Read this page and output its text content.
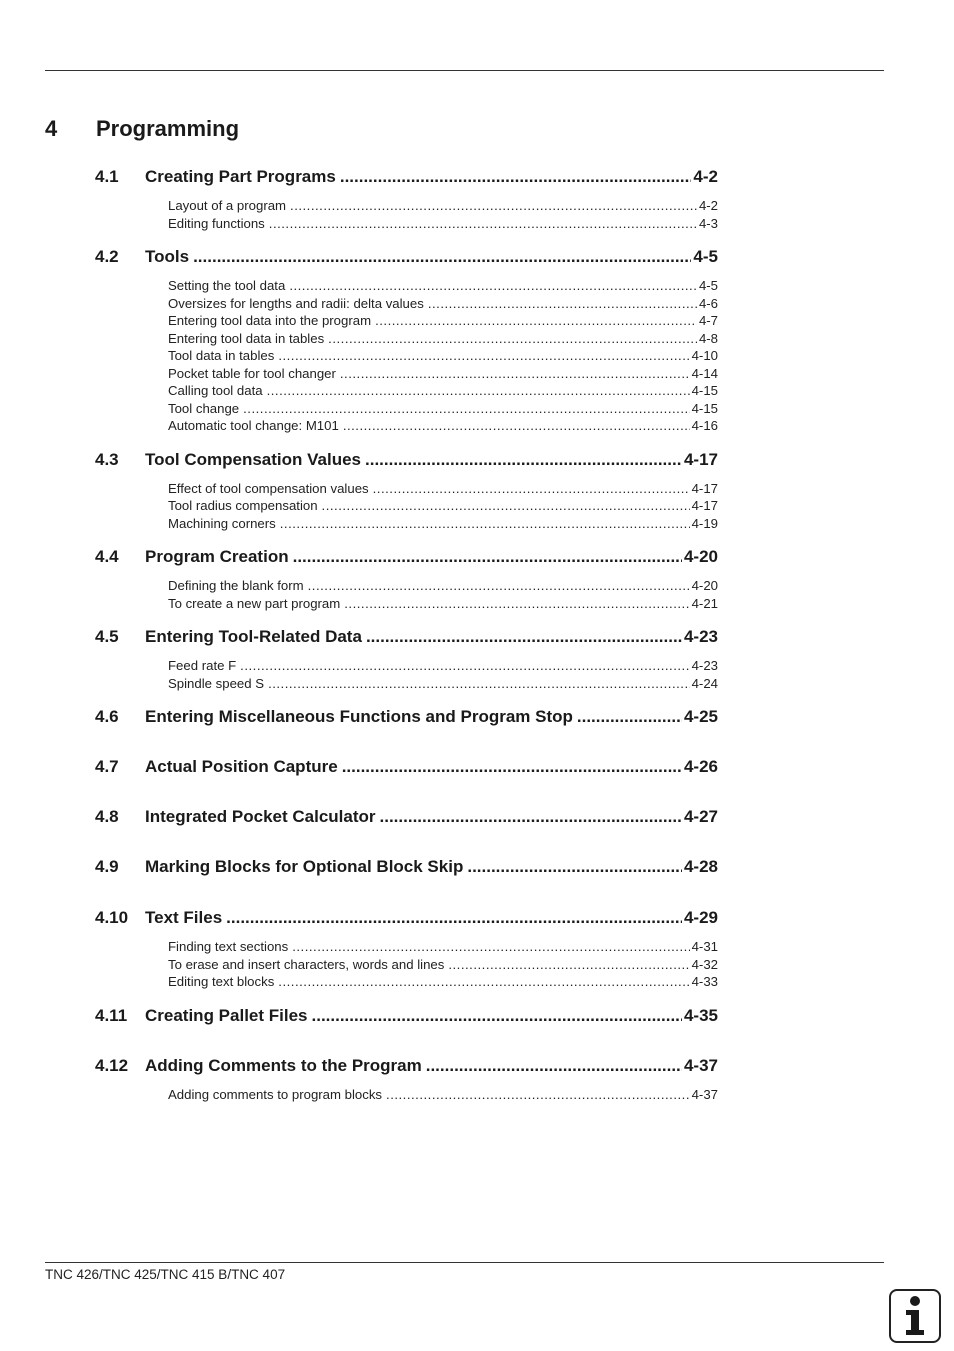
4 Programming
4.1	Creating Part Programs .....	4-2
Layout of a program .....	4-2
Editing functions .....	4-3
4.2	Tools .....	4-5
Setting the tool data .....	4-5
Oversizes for lengths and radii: delta values .....	4-6
Entering tool data into the program .....	4-7
Entering tool data in tables .....	4-8
Tool data in tables .....	4-10
Pocket table for tool changer .....	4-14
Calling tool data .....	4-15
Tool change .....	4-15
Automatic tool change: M101 .....	4-16
4.3	Tool Compensation Values .....	4-17
Effect of tool compensation values .....	4-17
Tool radius compensation .....	4-17
Machining corners .....	4-19
4.4	Program Creation .....	4-20
Defining the blank form .....	4-20
To create a new part program .....	4-21
4.5	Entering Tool-Related Data .....	4-23
Feed rate F .....	4-23
Spindle speed S .....	4-24
4.6	Entering Miscellaneous Functions and Program Stop .....	4-25
4.7	Actual Position Capture .....	4-26
4.8	Integrated Pocket Calculator .....	4-27
4.9	Marking Blocks for Optional Block Skip .....	4-28
4.10 Text Files .....	4-29
Finding text sections .....	4-31
To erase and insert characters, words and lines .....	4-32
Editing text blocks .....	4-33
4.11	Creating Pallet Files .....	4-35
4.12 Adding Comments to the Program .....	4-37
Adding comments to program blocks .....	4-37
TNC 426/TNC 425/TNC 415 B/TNC 407
